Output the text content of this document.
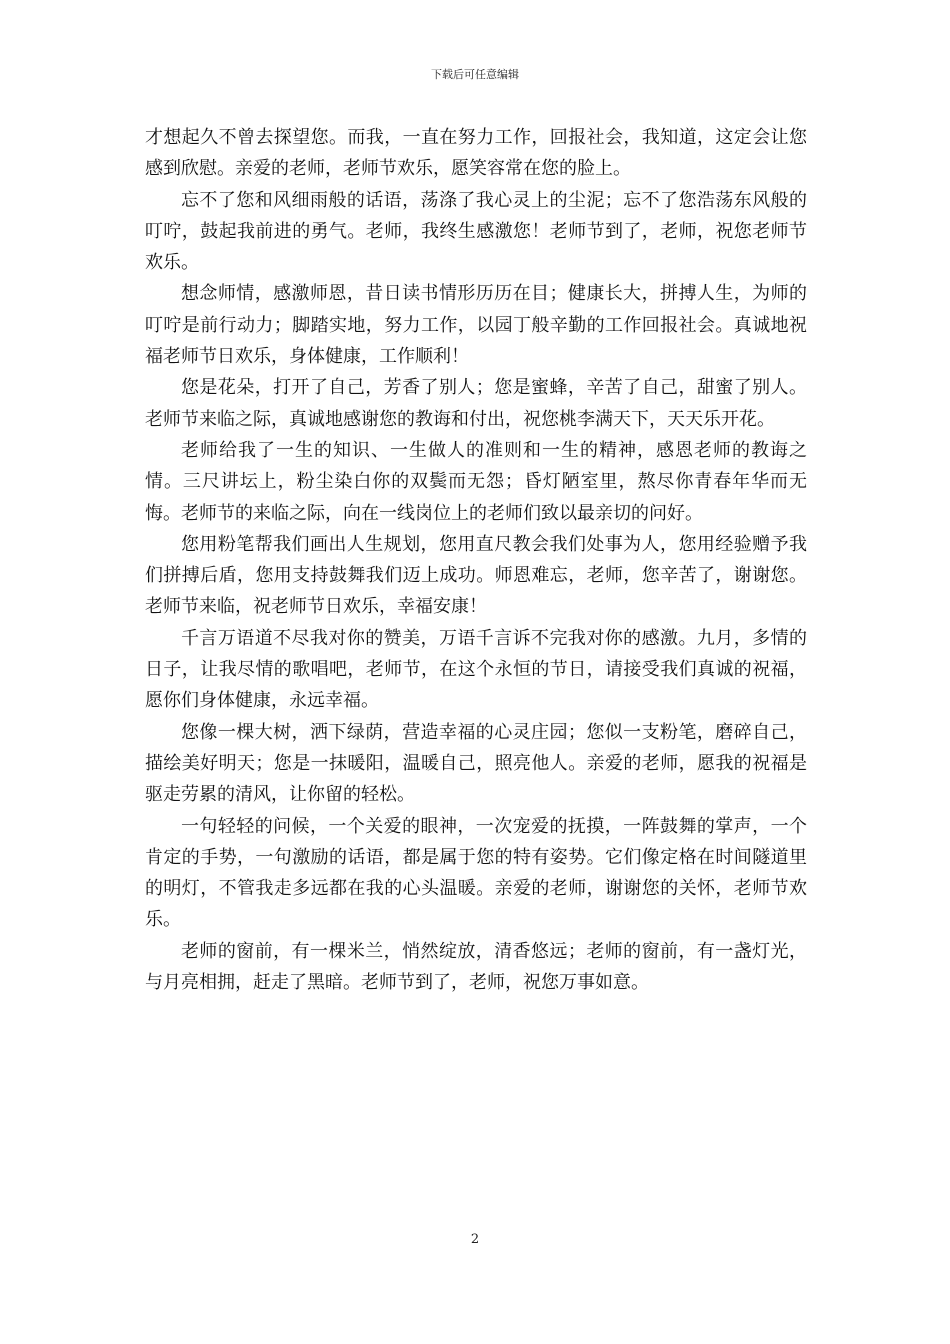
下载后可任意编辑

才想起久不曾去探望您。而我，一直在努力工作，回报社会，我知道，这定会让您感到欣慰。亲爱的老师，老师节欢乐，愿笑容常在您的脸上。

忘不了您和风细雨般的话语，荡涤了我心灵上的尘泥；忘不了您浩荡东风般的叮咛，鼓起我前进的勇气。老师，我终生感激您！老师节到了，老师，祝您老师节欢乐。

想念师情，感激师恩，昔日读书情形历历在目；健康长大，拼搏人生，为师的叮咛是前行动力；脚踏实地，努力工作，以园丁般辛勤的工作回报社会。真诚地祝福老师节日欢乐，身体健康，工作顺利！

您是花朵，打开了自己，芳香了别人；您是蜜蜂，辛苦了自己，甜蜜了别人。老师节来临之际，真诚地感谢您的教诲和付出，祝您桃李满天下，天天乐开花。

老师给我了一生的知识、一生做人的准则和一生的精神，感恩老师的教诲之情。三尺讲坛上，粉尘染白你的双鬓而无怨；昏灯陋室里，熬尽你青春年华而无悔。老师节的来临之际，向在一线岗位上的老师们致以最亲切的问好。

您用粉笔帮我们画出人生规划，您用直尺教会我们处事为人，您用经验赠予我们拼搏后盾，您用支持鼓舞我们迈上成功。师恩难忘，老师，您辛苦了，谢谢您。老师节来临，祝老师节日欢乐，幸福安康！

千言万语道不尽我对你的赞美，万语千言诉不完我对你的感激。九月，多情的日子，让我尽情的歌唱吧，老师节，在这个永恒的节日，请接受我们真诚的祝福，愿你们身体健康，永远幸福。

您像一棵大树，洒下绿荫，营造幸福的心灵庄园；您似一支粉笔，磨碎自己，描绘美好明天；您是一抹暖阳，温暖自己，照亮他人。亲爱的老师，愿我的祝福是驱走劳累的清风，让你留的轻松。

一句轻轻的问候，一个关爱的眼神，一次宠爱的抚摸，一阵鼓舞的掌声，一个肯定的手势，一句激励的话语，都是属于您的特有姿势。它们像定格在时间隧道里的明灯，不管我走多远都在我的心头温暖。亲爱的老师，谢谢您的关怀，老师节欢乐。

老师的窗前，有一棵米兰，悄然绽放，清香悠远；老师的窗前，有一盏灯光，与月亮相拥，赶走了黑暗。老师节到了，老师，祝您万事如意。

2
